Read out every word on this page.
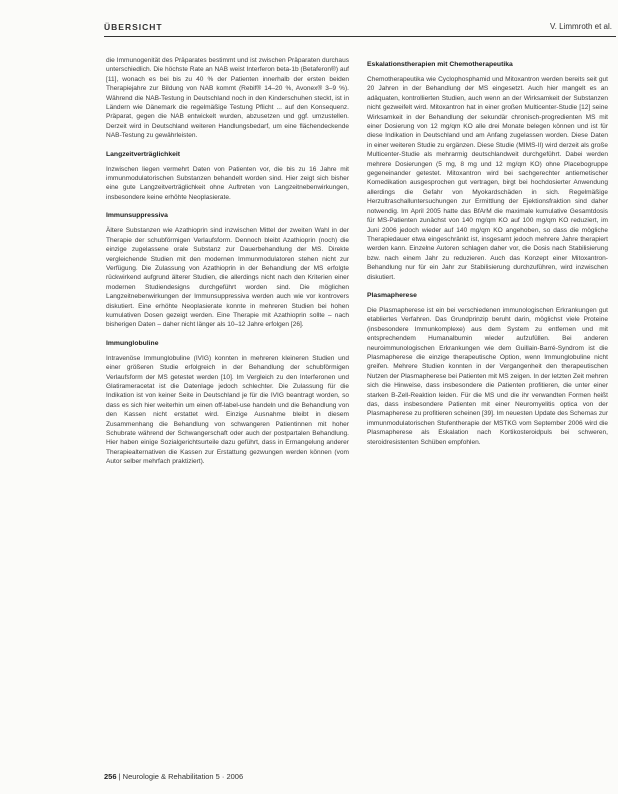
ÜBERSICHT	V. Limmroth et al.

die Immunogenität des Präparates bestimmt und ist zwischen Präparaten durchaus unterschiedlich. Die höchste Rate an NAB weist Interferon beta-1b (Betaferon®) auf [11], wonach es bei bis zu 40 % der Patienten innerhalb der ersten beiden Therapiejahre zur Bildung von NAB kommt (Rebif® 14–20 %, Avonex® 3–9 %). Während die NAB-Testung in Deutschland noch in den Kinderschuhen steckt, ist in Ländern wie Dänemark die regelmäßige Testung Pflicht ... auf den Konsequenz. Präparat, gegen die NAB entwickelt wurden, abzusetzen und ggf. umzustellen. Derzeit wird in Deutschland weiteren Handlungsbedarf, um eine flächendeckende NAB-Testung zu gewährleisten.

Langzeitverträglichkeit

Inzwischen liegen vermehrt Daten von Patienten vor, die bis zu 16 Jahre mit immunmodulatorischen Substanzen behandelt worden sind. Hier zeigt sich bisher eine gute Langzeitverträglichkeit ohne Auftreten von Langzeitnebenwirkungen, insbesondere keine erhöhte Neoplasierate.

Immunsuppressiva

Ältere Substanzen wie Azathioprin sind inzwischen Mittel der zweiten Wahl in der Therapie der schubförmigen Verlaufsform. Dennoch bleibt Azathioprin (noch) die einzige zugelassene orale Substanz zur Dauerbehandlung der MS. Direkte vergleichende Studien mit den modernen Immunmodulatoren stehen nicht zur Verfügung. Die Zulassung von Azathioprin in der Behandlung der MS erfolgte rückwirkend aufgrund älterer Studien, die allerdings nicht nach den Kriterien einer modernen Studiendesigns durchgeführt worden sind. Die möglichen Langzeitnebenwirkungen der Immunsuppressiva werden auch wie vor kontrovers diskutiert. Eine erhöhte Neoplasierate konnte in mehreren Studien bei hohen kumulativen Dosen gezeigt werden. Eine Therapie mit Azathioprin sollte – nach bisherigen Daten – daher nicht länger als 10–12 Jahre erfolgen [26].

Immunglobuline

Intravenöse Immunglobuline (IVIG) konnten in mehreren kleineren Studien und einer größeren Studie erfolgreich in der Behandlung der schubförmigen Verlaufsform der MS getestet werden [10]. Im Vergleich zu den Interferonen und Glatirameracetat ist die Datenlage jedoch schlechter. Die Zulassung für die Indikation ist von keiner Seite in Deutschland je für die IVIG beantragt worden, so dass es sich hier weiterhin um einen off-label-use handeln und die Behandlung von den Kassen nicht erstattet wird. Einzige Ausnahme bleibt in diesem Zusammenhang die Behandlung von schwangeren Patientinnen mit hoher Schubrate während der Schwangerschaft oder auch der postpartalen Behandlung. Hier haben einige Sozialgerichtsurteile dazu geführt, dass in Ermangelung anderer Therapiealternativen die Kassen zur Erstattung gezwungen werden können (vom Autor selber mehrfach praktiziert).

Eskalationstherapien mit Chemotherapeutika

Chemotherapeutika wie Cyclophosphamid und Mitoxantron werden bereits seit gut 20 Jahren in der Behandlung der MS eingesetzt. Auch hier mangelt es an adäquaten, kontrollierten Studien, auch wenn an der Wirksamkeit der Substanzen nicht gezweifelt wird. Mitoxantron hat in einer großen Multicenter-Studie [12] seine Wirksamkeit in der Behandlung der sekundär chronisch-progredienten MS mit einer Dosierung von 12 mg/qm KO alle drei Monate belegen können und ist für diese Indikation in Deutschland und am Anfang zugelassen worden. Diese Daten in einer weiteren Studie zu ergänzen. Diese Studie (MIMS-II) wird derzeit als große Multicenter-Studie als mehrarmig deutschlandweit durchgeführt. Dabei werden mehrere Dosierungen (5 mg, 8 mg und 12 mg/qm KO) ohne Placebogruppe gegeneinander getestet. Mitoxantron wird bei sachgerechter antiemetischer Komedikation ausgesprochen gut vertragen, birgt bei hochdosierter Anwendung allerdings die Gefahr von Myokardschäden in sich. Regelmäßige Herzultraschalluntersuchungen zur Ermittlung der Ejektionsfraktion sind daher notwendig. Im April 2005 hatte das BfArM die maximale kumulative Gesamtdosis für MS-Patienten zunächst von 140 mg/qm KO auf 100 mg/qm KO reduziert, im Juni 2006 jedoch wieder auf 140 mg/qm KO angehoben, so dass die mögliche Therapiedauer etwa eingeschränkt ist, insgesamt jedoch mehrere Jahre therapiert werden kann. Einzelne Autoren schlagen daher vor, die Dosis nach Stabilisierung bzw. nach einem Jahr zu reduzieren. Auch das Konzept einer Mitoxantron-Behandlung nur für ein Jahr zur Stabilisierung durchzuführen, wird inzwischen diskutiert.

Plasmapherese

Die Plasmapherese ist ein bei verschiedenen immunologischen Erkrankungen gut etabliertes Verfahren. Das Grundprinzip beruht darin, möglichst viele Proteine (insbesondere Immunkomplexe) aus dem System zu entfernen und mit entsprechendem Humanalbumin wieder aufzufüllen. Bei anderen neuroimmunologischen Erkrankungen wie dem Guillain-Barré-Syndrom ist die Plasmapherese die einzige therapeutische Option, wenn Immunglobuline nicht greifen. Mehrere Studien konnten in der Vergangenheit den therapeutischen Nutzen der Plasmapherese bei Patienten mit MS zeigen. In der letzten Zeit mehren sich die Hinweise, dass insbesondere die Patienten profitieren, die unter einer starken B-Zell-Reaktion leiden. Für die MS und die ihr verwandten Formen heißt das, dass insbesondere Patienten mit einer Neuromyelitis optica von der Plasmapherese zu profitieren scheinen [39]. Im neuesten Update des Schemas zur immunmodulatorischen Stufentherapie der MSTKG vom September 2006 wird die Plasmapherese als Eskalation nach Kortikosteroidpuls bei schweren, steroidresistenten Schüben empfohlen.

256 | Neurologie & Rehabilitation 5 · 2006
